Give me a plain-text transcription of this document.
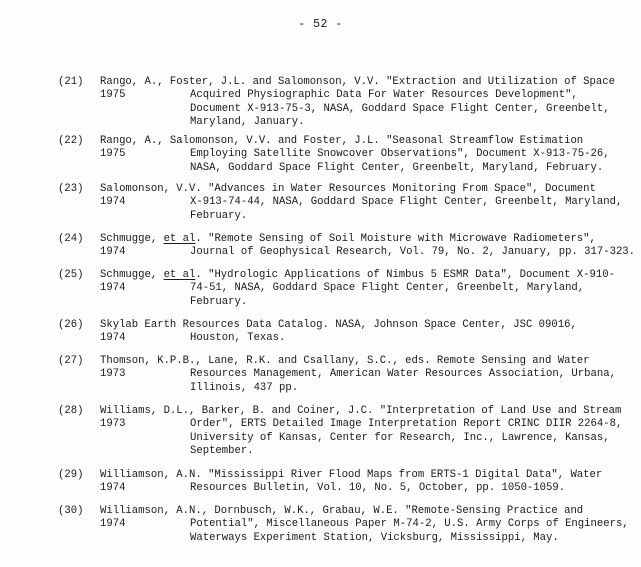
- 52 -
(21) Rango, A., Foster, J.L. and Salomonson, V.V. "Extraction and Utilization of Space
1975	Acquired Physiographic Data For Water Resources Development",
Document X-913-75-3, NASA, Goddard Space Flight Center, Greenbelt,
Maryland, January.
(22) Rango, A., Salomonson, V.V. and Foster, J.L. "Seasonal Streamflow Estimation
1975	Employing Satellite Snowcover Observations", Document X-913-75-26,
NASA, Goddard Space Flight Center, Greenbelt, Maryland, February.
(23) Salomonson, V.V. "Advances in Water Resources Monitoring From Space", Document
1974	X-913-74-44, NASA, Goddard Space Flight Center, Greenbelt, Maryland,
February.
(24) Schmugge, et al. "Remote Sensing of Soil Moisture with Microwave Radiometers",
1974	Journal of Geophysical Research, Vol. 79, No. 2, January, pp. 317-323.
(25) Schmugge, et al. "Hydrologic Applications of Nimbus 5 ESMR Data", Document X-910-
1974	74-51, NASA, Goddard Space Flight Center, Greenbelt, Maryland,
February.
(26) Skylab Earth Resources Data Catalog. NASA, Johnson Space Center, JSC 09016,
1974	Houston, Texas.
(27) Thomson, K.P.B., Lane, R.K. and Csallany, S.C., eds. Remote Sensing and Water
1973	Resources Management, American Water Resources Association, Urbana,
Illinois, 437 pp.
(28) Williams, D.L., Barker, B. and Coiner, J.C. "Interpretation of Land Use and Stream
1973	Order", ERTS Detailed Image Interpretation Report CRINC DIIR 2264-8,
University of Kansas, Center for Research, Inc., Lawrence, Kansas,
September.
(29) Williamson, A.N. "Mississippi River Flood Maps from ERTS-1 Digital Data", Water
1974	Resources Bulletin, Vol. 10, No. 5, October, pp. 1050-1059.
(30) Williamson, A.N., Dornbusch, W.K., Grabau, W.E. "Remote-Sensing Practice and
1974	Potential", Miscellaneous Paper M-74-2, U.S. Army Corps of Engineers,
Waterways Experiment Station, Vicksburg, Mississippi, May.
